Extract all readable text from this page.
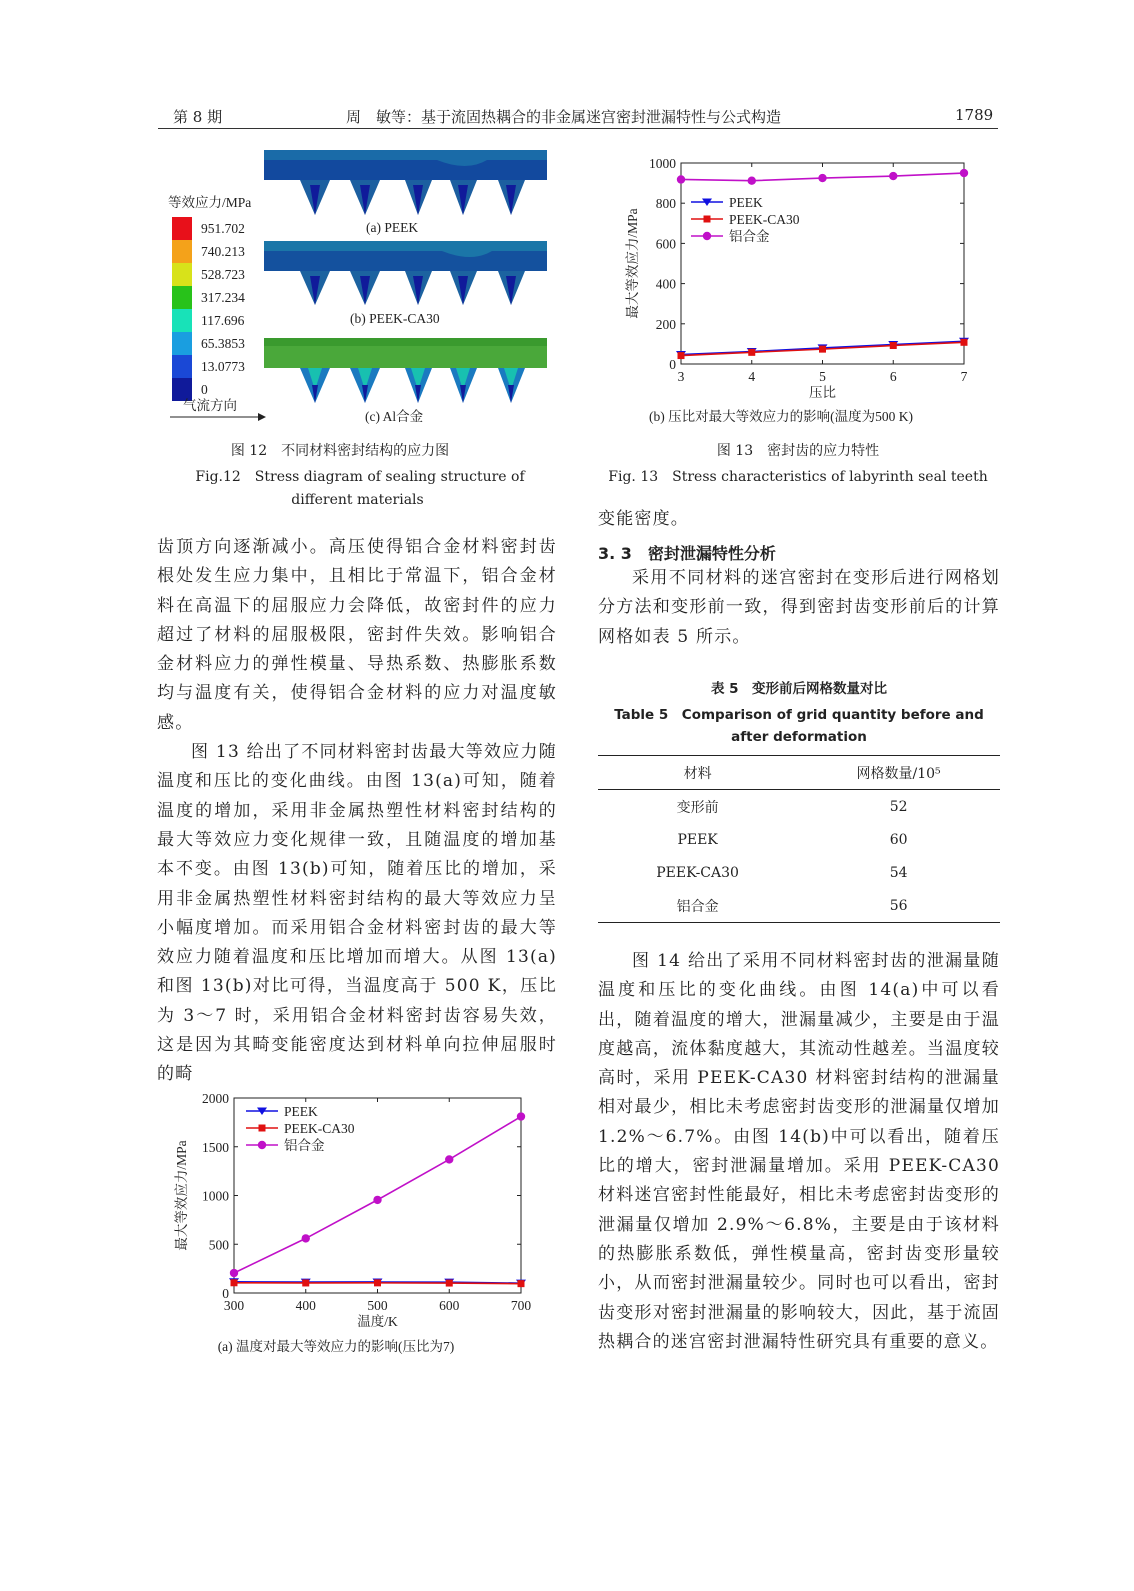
第 8 期	周　敏等：基于流固热耦合的非金属迷宫密封泄漏特性与公式构造	1789
等效应力/MPa
951.702
740.213
528.723
317.234
117.696
65.3853
13.0773
0
气流方向
(a) PEEK
(b) PEEK-CA30
(c) Al合金
图 12　不同材料密封结构的应力图
Fig.12　Stress diagram of sealing structure of
different materials
3	4	5	6	7
0
200
400
600
800
1000
压比
最大等效应力/MPa
(b) 压比对最大等效应力的影响(温度为500 K)
PEEK
PEEK-CA30
铝合金
图 13　密封齿的应力特性
Fig. 13　Stress characteristics of labyrinth seal teeth

齿顶方向逐渐减小。高压使得铝合金材料密封齿根处发生应力集中，且相比于常温下，铝合金材料在高温下的屈服应力会降低，故密封件的应力超过了材料的屈服极限，密封件失效。影响铝合金材料应力的弹性模量、导热系数、热膨胀系数均与温度有关，使得铝合金材料的应力对温度敏感。

图 13 给出了不同材料密封齿最大等效应力随温度和压比的变化曲线。由图 13(a)可知，随着温度的增加，采用非金属热塑性材料密封结构的最大等效应力变化规律一致，且随温度的增加基本不变。由图 13(b)可知，随着压比的增加，采用非金属热塑性材料密封结构的最大等效应力呈小幅度增加。而采用铝合金材料密封齿的最大等效应力随着温度和压比增加而增大。从图 13(a)和图 13(b)对比可得，当温度高于 500 K，压比为 3～7 时，采用铝合金材料密封齿容易失效，这是因为其畸变能密度达到材料单向拉伸屈服时的畸

300	400	500	600	700
0
500
1000
1500
2000
温度/K
最大等效应力/MPa
(a) 温度对最大等效应力的影响(压比为7)
PEEK
PEEK-CA30
铝合金

变能密度。

3. 3　密封泄漏特性分析

采用不同材料的迷宫密封在变形后进行网格划分方法和变形前一致，得到密封齿变形前后的计算网格如表 5 所示。

表 5　变形前后网格数量对比
Table 5　Comparison of grid quantity before and
after deformation
材料	网格数量/10⁵
变形前	52
PEEK	60
PEEK-CA30	54
铝合金	56

图 14 给出了采用不同材料密封齿的泄漏量随温度和压比的变化曲线。由图 14(a)中可以看出，随着温度的增大，泄漏量减少，主要是由于温度越高，流体黏度越大，其流动性越差。当温度较高时，采用 PEEK-CA30 材料密封结构的泄漏量相对最少，相比未考虑密封齿变形的泄漏量仅增加 1.2%～6.7%。由图 14(b)中可以看出，随着压比的增大，密封泄漏量增加。采用 PEEK-CA30 材料迷宫密封性能最好，相比未考虑密封齿变形的泄漏量仅增加 2.9%～6.8%，主要是由于该材料的热膨胀系数低，弹性模量高，密封齿变形量较小，从而密封泄漏量较少。同时也可以看出，密封齿变形对密封泄漏量的影响较大，因此，基于流固热耦合的迷宫密封泄漏特性研究具有重要的意义。
